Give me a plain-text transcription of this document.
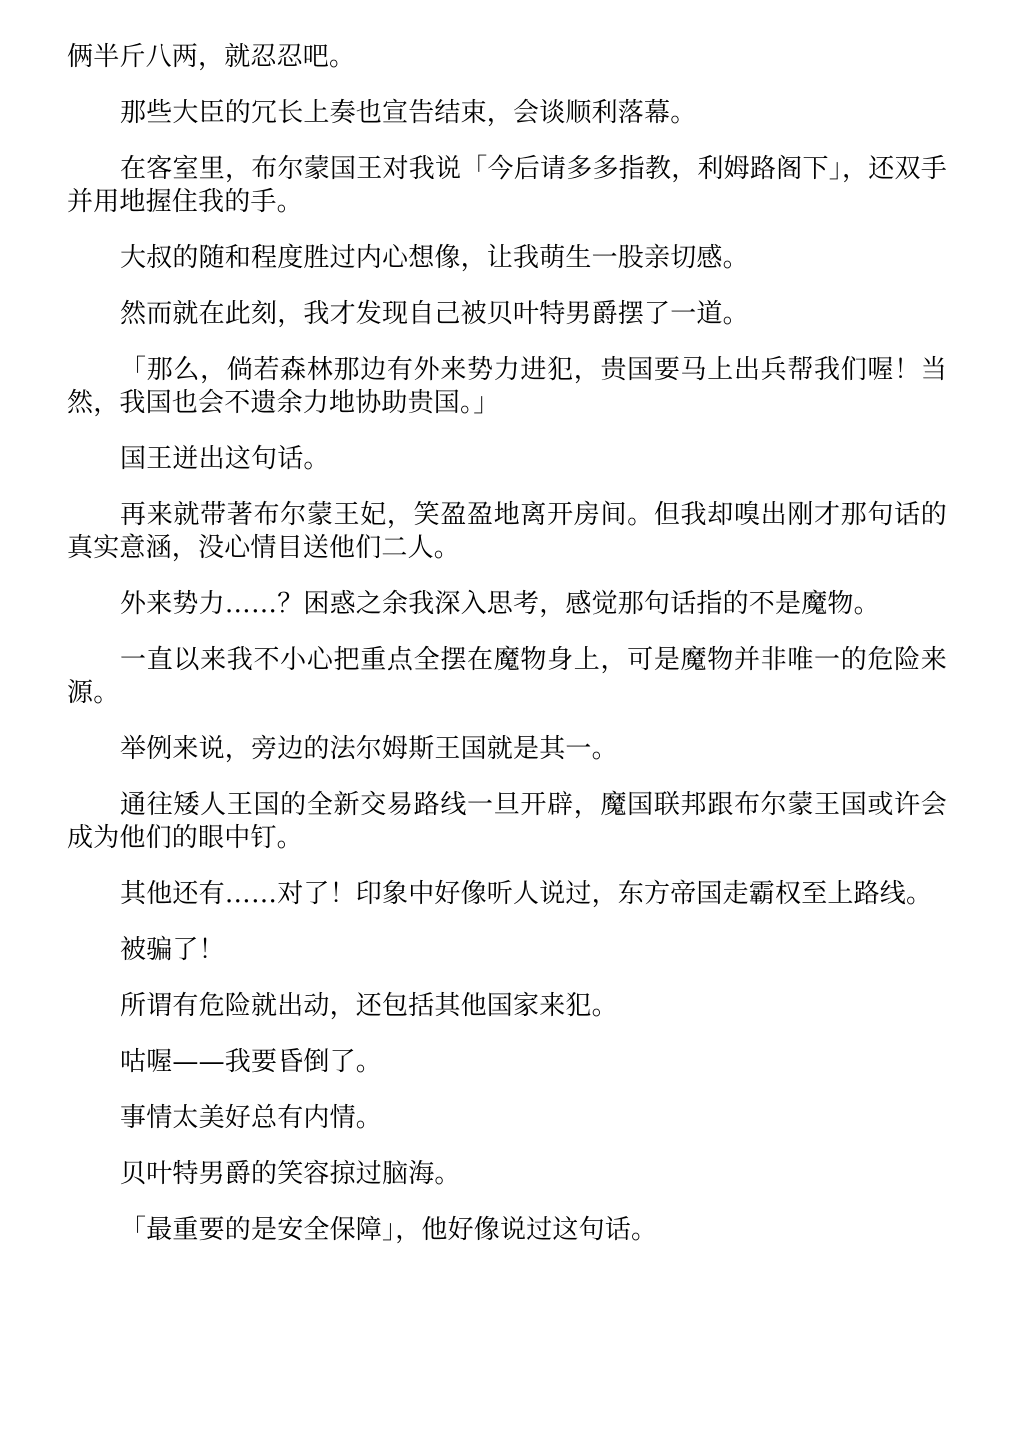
俩半斤八两，就忍忍吧。

那些大臣的冗长上奏也宣告结束，会谈顺利落幕。

在客室里，布尔蒙国王对我说「今后请多多指教，利姆路阁下」，还双手并用地握住我的手。

大叔的随和程度胜过内心想像，让我萌生一股亲切感。

然而就在此刻，我才发现自己被贝叶特男爵摆了一道。

「那么，倘若森林那边有外来势力进犯，贵国要马上出兵帮我们喔！当然，我国也会不遗余力地协助贵国。」

国王迸出这句话。

再来就带著布尔蒙王妃，笑盈盈地离开房间。但我却嗅出刚才那句话的真实意涵，没心情目送他们二人。

外来势力……？困惑之余我深入思考，感觉那句话指的不是魔物。

一直以来我不小心把重点全摆在魔物身上，可是魔物并非唯一的危险来源。

举例来说，旁边的法尔姆斯王国就是其一。

通往矮人王国的全新交易路线一旦开辟，魔国联邦跟布尔蒙王国或许会成为他们的眼中钉。

其他还有……对了！印象中好像听人说过，东方帝国走霸权至上路线。

被骗了！

所谓有危险就出动，还包括其他国家来犯。

咕喔——我要昏倒了。

事情太美好总有内情。

贝叶特男爵的笑容掠过脑海。

「最重要的是安全保障」，他好像说过这句话。
